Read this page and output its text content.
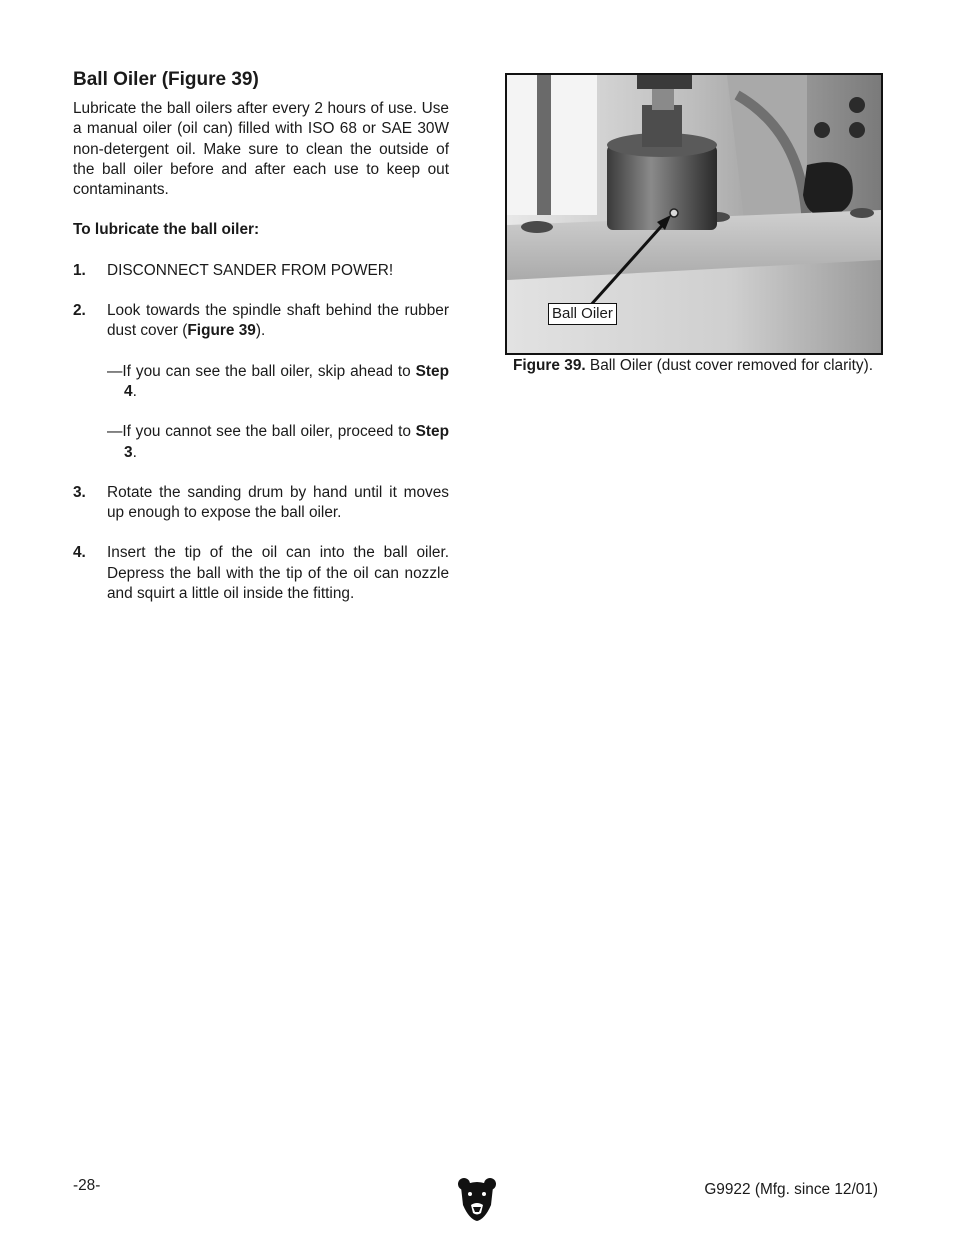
Ball Oiler (Figure 39)

Lubricate the ball oilers after every 2 hours of use. Use a manual oiler (oil can) filled with ISO 68 or SAE 30W non-detergent oil. Make sure to clean the outside of the ball oiler before and after each use to keep out contaminants.

To lubricate the ball oiler:

1. DISCONNECT SANDER FROM POWER!
2. Look towards the spindle shaft behind the rubber dust cover (Figure 39).
—If you can see the ball oiler, skip ahead to Step 4.
—If you cannot see the ball oiler, proceed to Step 3.
3. Rotate the sanding drum by hand until it moves up enough to expose the ball oiler.
4. Insert the tip of the oil can into the ball oiler. Depress the ball with the tip of the oil can nozzle and squirt a little oil inside the fitting.
Ball Oiler
Figure 39. Ball Oiler (dust cover removed for clarity).
-28-	G9922 (Mfg. since 12/01)
